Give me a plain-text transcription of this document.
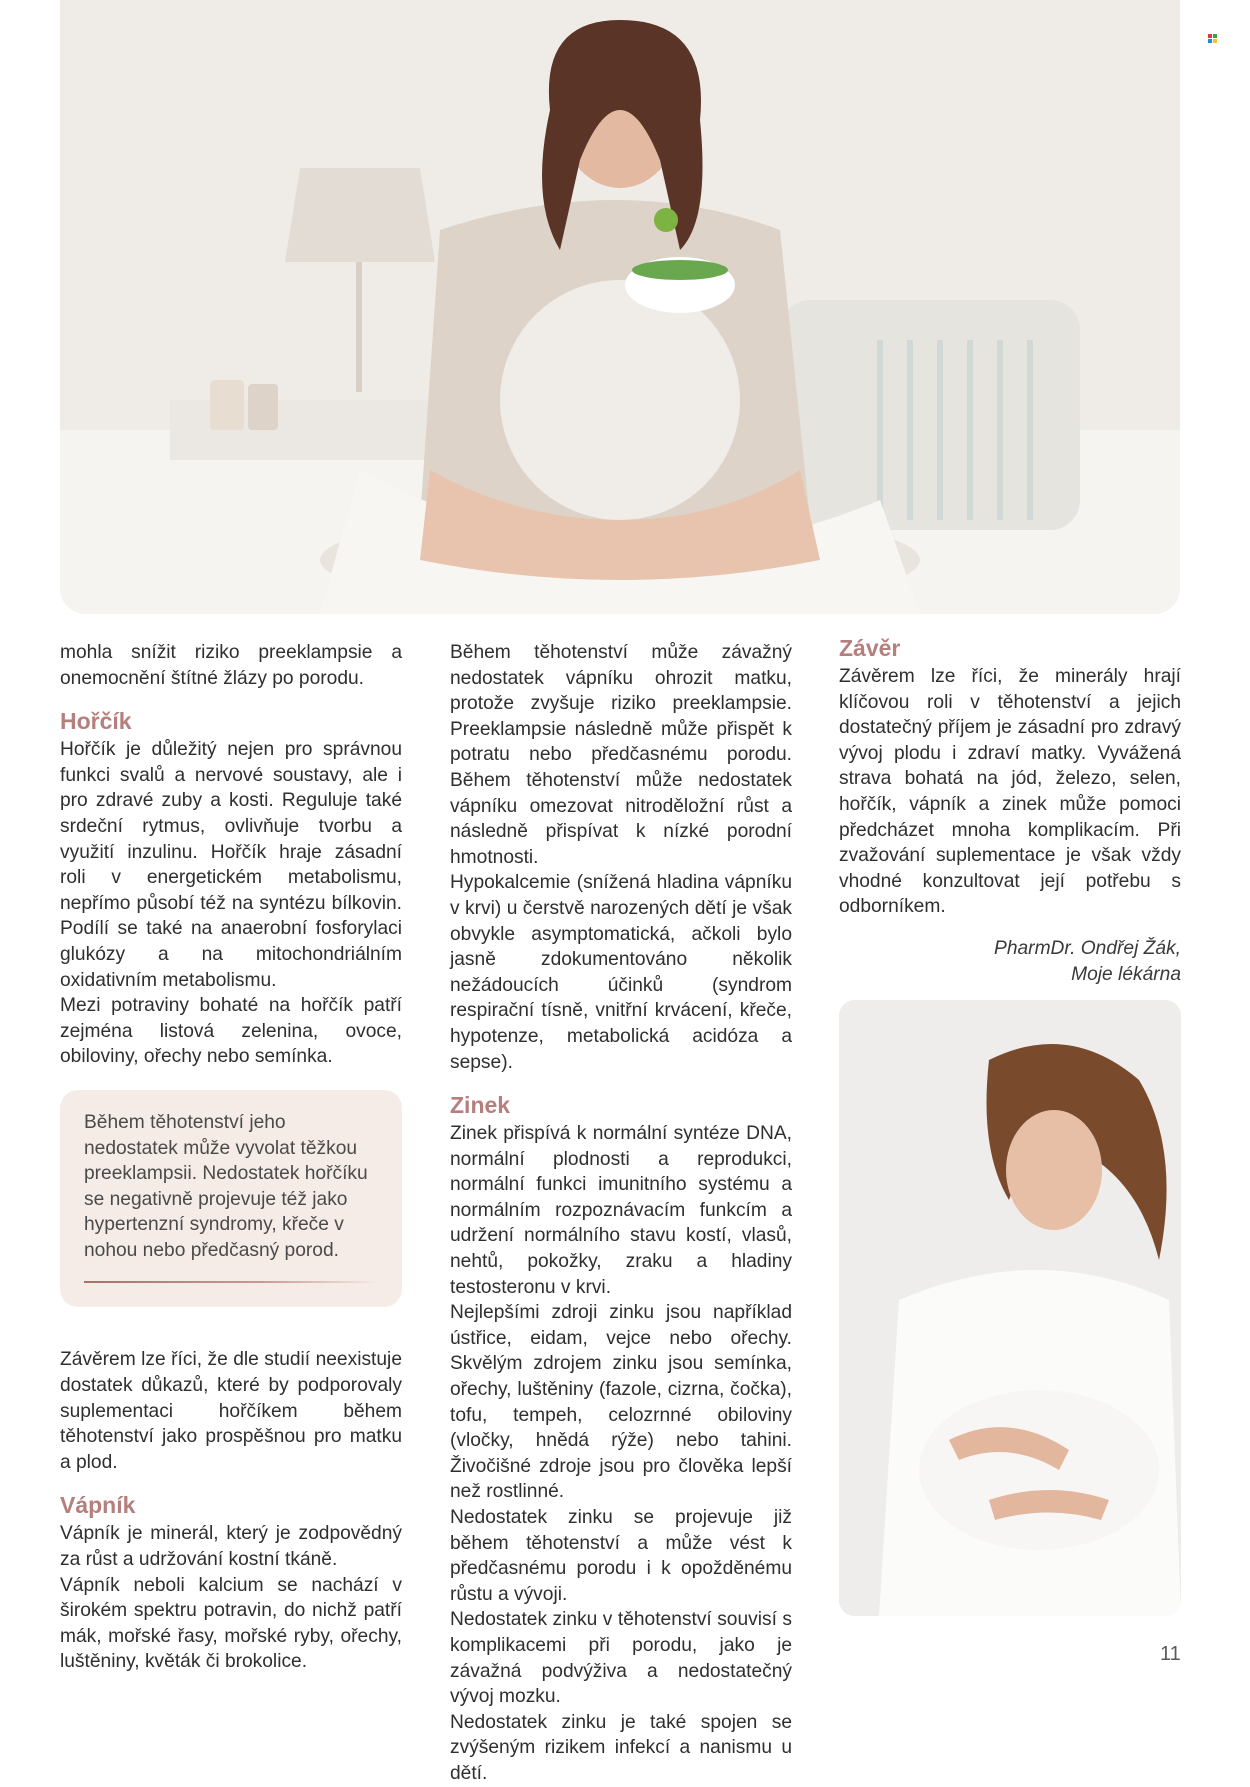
mohla snížit riziko preeklampsie a onemocnění štítné žlázy po porodu.

Hořčík

Hořčík je důležitý nejen pro správnou funkci svalů a nervové soustavy, ale i pro zdravé zuby a kosti. Reguluje také srdeční rytmus, ovlivňuje tvorbu a využití inzulinu. Hořčík hraje zásadní roli v energetickém metabolismu, nepřímo působí též na syntézu bílkovin. Podílí se také na anaerobní fosforylaci glukózy a na mitochondriálním oxidativním metabolismu.

Mezi potraviny bohaté na hořčík patří zejména listová zelenina, ovoce, obiloviny, ořechy nebo semínka.

Během těhotenství jeho nedostatek může vyvolat těžkou preeklampsii. Nedostatek hořčíku se negativně projevuje též jako hypertenzní syndromy, křeče v nohou nebo předčasný porod.

Závěrem lze říci, že dle studií neexistuje dostatek důkazů, které by podporovaly suplementaci hořčíkem během těhotenství jako prospěšnou pro matku a plod.

Vápník

Vápník je minerál, který je zodpovědný za růst a udržování kostní tkáně.

Vápník neboli kalcium se nachází v širokém spektru potravin, do nichž patří mák, mořské řasy, mořské ryby, ořechy, luštěniny, květák či brokolice.

Během těhotenství může závažný nedostatek vápníku ohrozit matku, protože zvyšuje riziko preeklampsie. Preeklampsie následně může přispět k potratu nebo předčasnému porodu. Během těhotenství může nedostatek vápníku omezovat nitroděložní růst a následně přispívat k nízké porodní hmotnosti.

Hypokalcemie (snížená hladina vápníku v krvi) u čerstvě narozených dětí je však obvykle asymptomatická, ačkoli bylo jasně zdokumentováno několik nežádoucích účinků (syndrom respirační tísně, vnitřní krvácení, křeče, hypotenze, metabolická acidóza a sepse).

Zinek

Zinek přispívá k normální syntéze DNA, normální plodnosti a reprodukci, normální funkci imunitního systému a normálním rozpoznávacím funkcím a udržení normálního stavu kostí, vlasů, nehtů, pokožky, zraku a hladiny testosteronu v krvi.

Nejlepšími zdroji zinku jsou například ústřice, eidam, vejce nebo ořechy. Skvělým zdrojem zinku jsou semínka, ořechy, luštěniny (fazole, cizrna, čočka), tofu, tempeh, celozrnné obiloviny (vločky, hnědá rýže) nebo tahini. Živočišné zdroje jsou pro člověka lepší než rostlinné.

Nedostatek zinku se projevuje již během těhotenství a může vést k předčasnému porodu i k opožděnému růstu a vývoji.

Nedostatek zinku v těhotenství souvisí s komplikacemi při porodu, jako je závažná podvýživa a nedostatečný vývoj mozku.

Nedostatek zinku je také spojen se zvýšeným rizikem infekcí a nanismu u dětí.

Závěr

Závěrem lze říci, že minerály hrají klíčovou roli v těhotenství a jejich dostatečný příjem je zásadní pro zdravý vývoj plodu i zdraví matky. Vyvážená strava bohatá na jód, železo, selen, hořčík, vápník a zinek může pomoci předcházet mnoha komplikacím. Při zvažování suplementace je však vždy vhodné konzultovat její potřebu s odborníkem.

PharmDr. Ondřej Žák,
Moje lékárna
11
